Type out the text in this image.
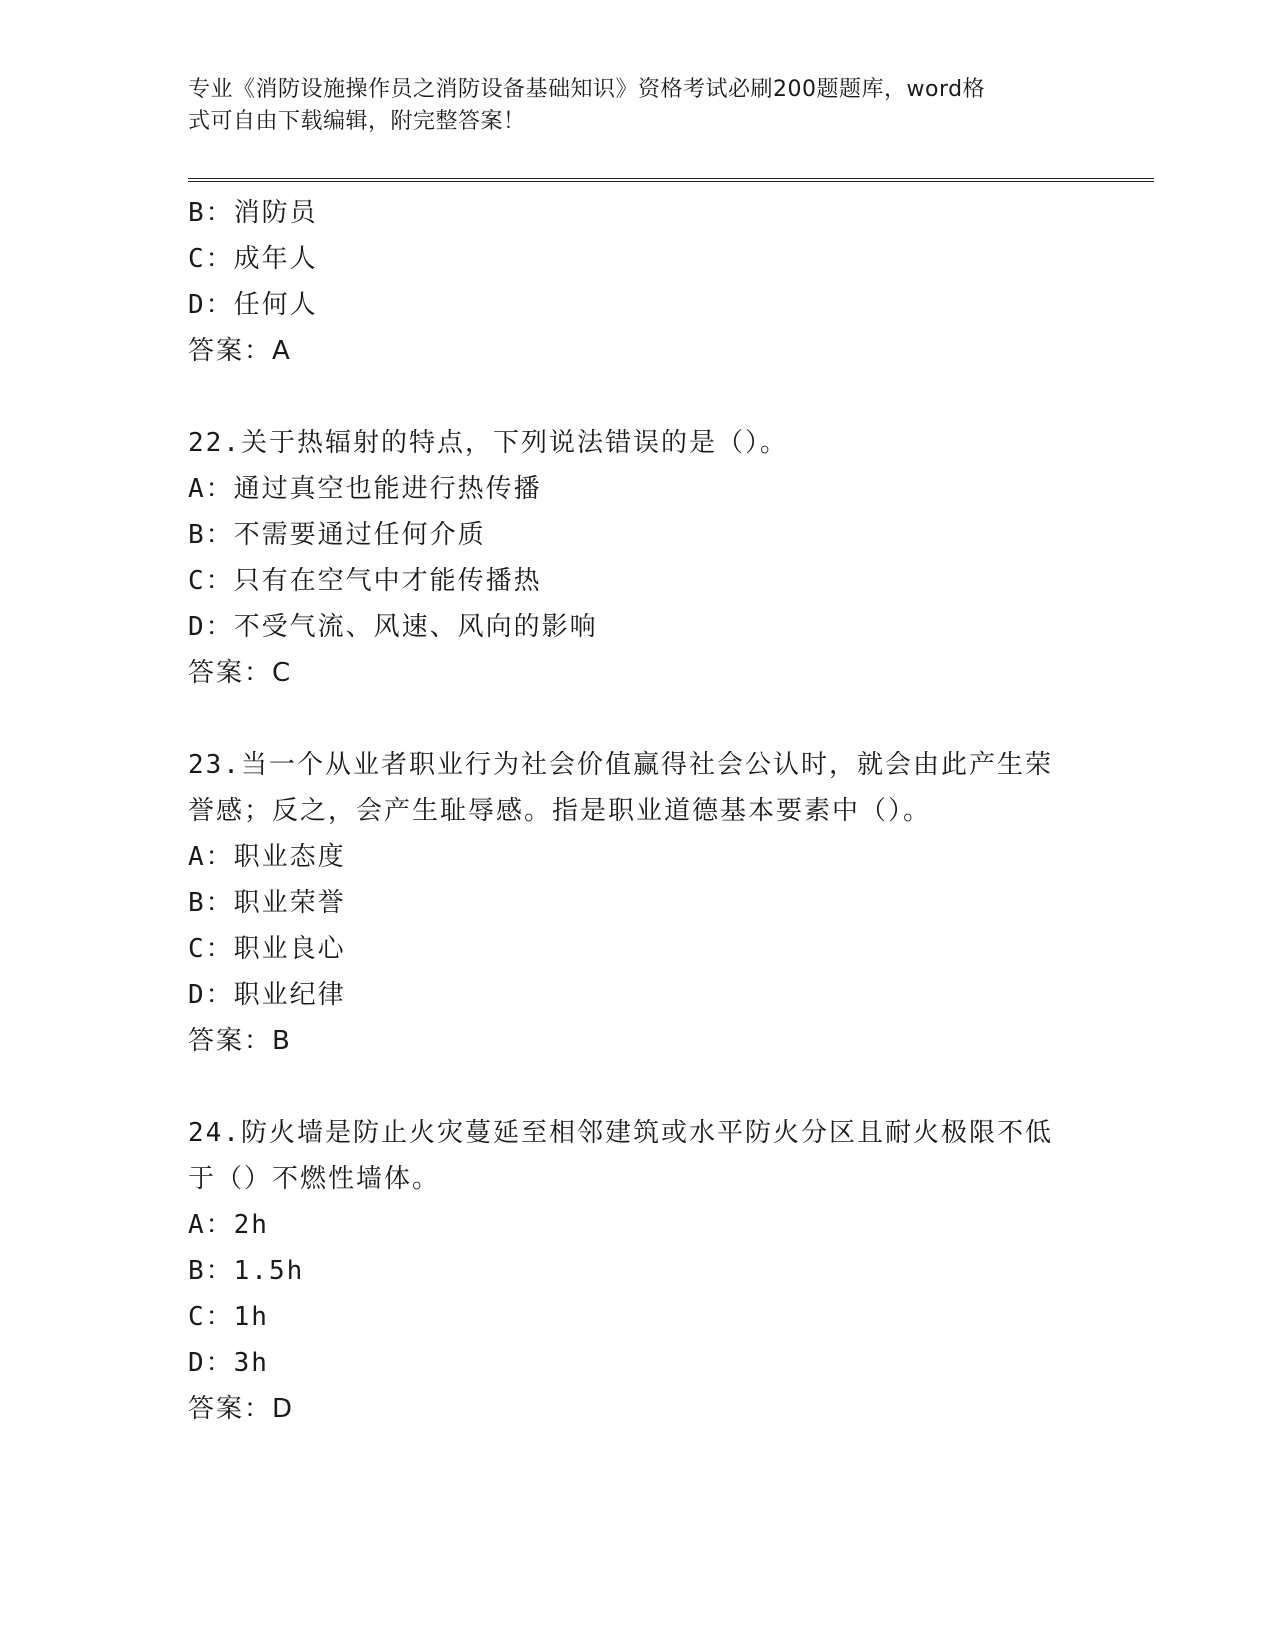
专业《消防设施操作员之消防设备基础知识》资格考试必刷200题题库，word格
式可自由下载编辑，附完整答案！
B：消防员
C：成年人
D：任何人
答案：A
22.关于热辐射的特点，下列说法错误的是（）。
A：通过真空也能进行热传播
B：不需要通过任何介质
C：只有在空气中才能传播热
D：不受气流、风速、风向的影响
答案：C
23.当一个从业者职业行为社会价值赢得社会公认时，就会由此产生荣
誉感；反之，会产生耻辱感。指是职业道德基本要素中（）。
A：职业态度
B：职业荣誉
C：职业良心
D：职业纪律
答案：B
24.防火墙是防止火灾蔓延至相邻建筑或水平防火分区且耐火极限不低
于（）不燃性墙体。
A：2h
B：1.5h
C：1h
D：3h
答案：D
